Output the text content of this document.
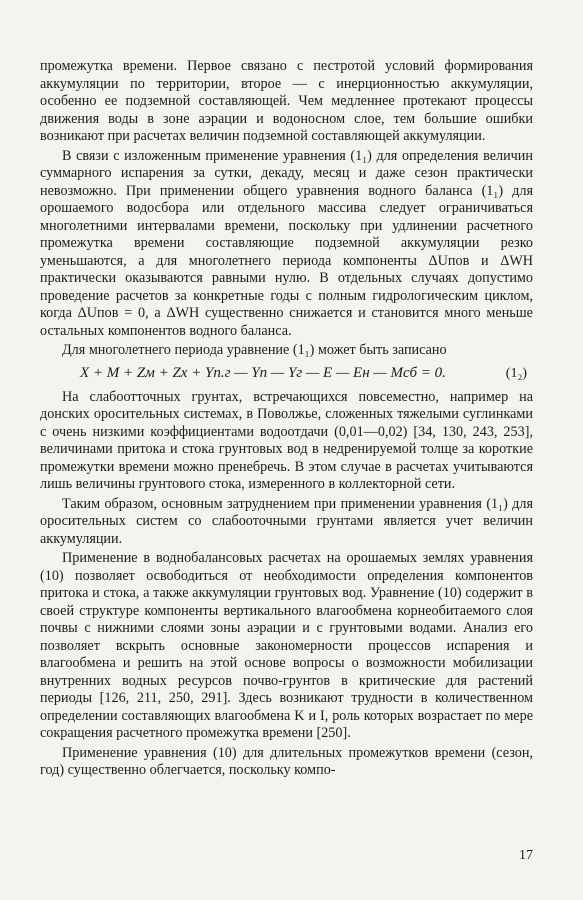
промежутка времени. Первое связано с пестротой условий формирования аккумуляции по территории, второе — с инерционностью аккумуляции, особенно ее подземной составляющей. Чем медленнее протекают процессы движения воды в зоне аэрации и водоносном слое, тем большие ошибки возникают при расчетах величин подземной составляющей аккумуляции.

В связи с изложенным применение уравнения (1₁) для определения величин суммарного испарения за сутки, декаду, месяц и даже сезон практически невозможно. При применении общего уравнения водного баланса (1₁) для орошаемого водосбора или отдельного массива следует ограничиваться многолетними интервалами времени, поскольку при удлинении расчетного промежутка времени составляющие подземной аккумуляции резко уменьшаются, а для многолетнего периода компоненты ΔUпов и ΔWН практически оказываются равными нулю. В отдельных случаях допустимо проведение расчетов за конкретные годы с полным гидрологическим циклом, когда ΔUпов = 0, а ΔWН существенно снижается и становится много меньше остальных компонентов водного баланса.

Для многолетнего периода уравнение (1₁) может быть записано

X + M + Zм + Zх + Yп.г — Yп — Yг — E — Eн — Mсб = 0.	(1₂)

На слабоотточных грунтах, встречающихся повсеместно, например на донских оросительных системах, в Поволжье, сложенных тяжелыми суглинками с очень низкими коэффициентами водоотдачи (0,01—0,02) [34, 130, 243, 253], величинами притока и стока грунтовых вод в недренируемой толще за короткие промежутки времени можно пренебречь. В этом случае в расчетах учитываются лишь величины грунтового стока, измеренного в коллекторной сети.

Таким образом, основным затруднением при применении уравнения (1₁) для оросительных систем со слабооточными грунтами является учет величин аккумуляции.

Применение в воднобалансовых расчетах на орошаемых землях уравнения (10) позволяет освободиться от необходимости определения компонентов притока и стока, а также аккумуляции грунтовых вод. Уравнение (10) содержит в своей структуре компоненты вертикального влагообмена корнеобитаемого слоя почвы с нижними слоями зоны аэрации и с грунтовыми водами. Анализ его позволяет вскрыть основные закономерности процессов испарения и влагообмена и решить на этой основе вопросы о возможности мобилизации внутренних водных ресурсов почво-грунтов в критические для растений периоды [126, 211, 250, 291]. Здесь возникают трудности в количественном определении составляющих влагообмена K и I, роль которых возрастает по мере сокращения расчетного промежутка времени [250].

Применение уравнения (10) для длительных промежутков времени (сезон, год) существенно облегчается, поскольку компо-

17
